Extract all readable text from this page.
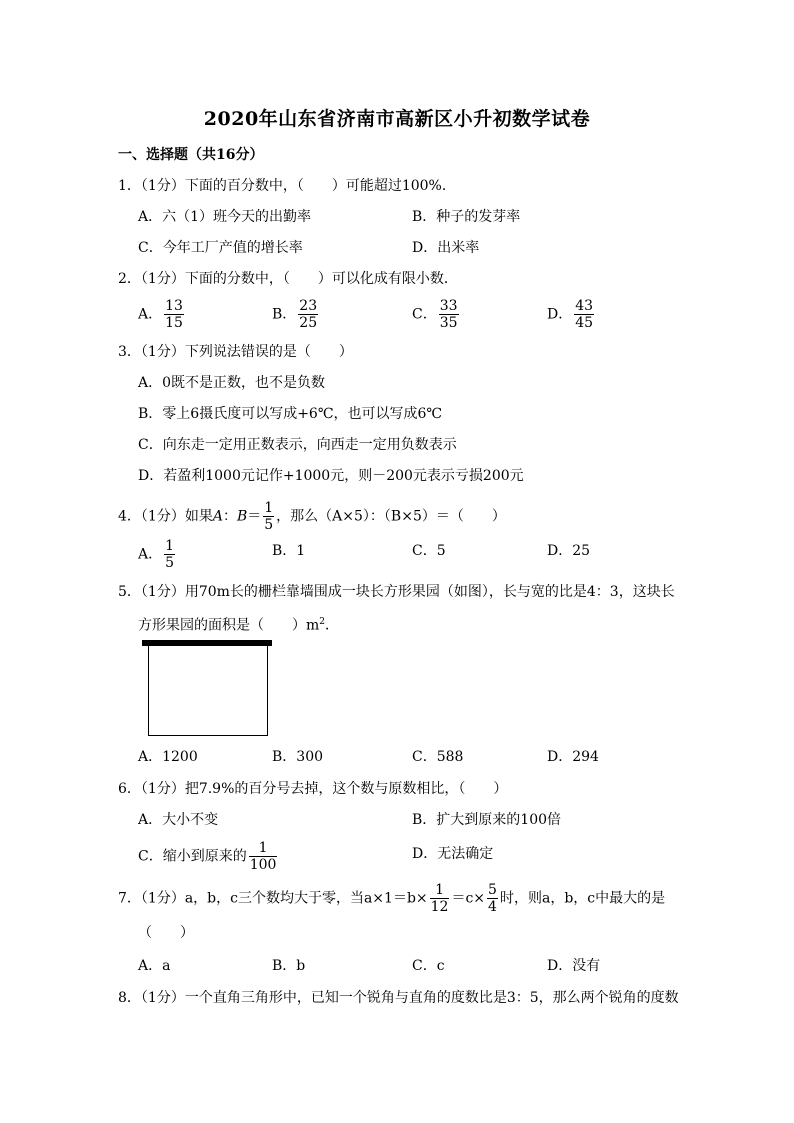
2020年山东省济南市高新区小升初数学试卷
一、选择题（共16分）
1．（1分）下面的百分数中，（　　）可能超过100%．
A．六（1）班今天的出勤率	B．种子的发芽率
C．今年工厂产值的增长率	D．出米率
2．（1分）下面的分数中，（　　）可以化成有限小数．
A． $\frac{13}{15}$	B． $\frac{23}{25}$	C． $\frac{33}{35}$	D． $\frac{43}{45}$
3．（1分）下列说法错误的是（　　）
A．0既不是正数，也不是负数
B．零上6摄氏度可以写成+6℃，也可以写成6℃
C．向东走一定用正数表示，向西走一定用负数表示
D．若盈利1000元记作+1000元，则－200元表示亏损200元
4．（1分）如果A：$B= \frac{1}{5}$ ，那么（A×5）：（B×5）＝（　　）
A． $\frac{1}{5}$	B．1	C．5	D．25
5．（1分）用70m长的栅栏靠墙围成一块长方形果园（如图），长与宽的比是4：3，这块长
方形果园的面积是（　　）$m^2$．
A．1200	B．300	C．588	D．294
6．（1分）把7.9%的百分号去掉，这个数与原数相比，（　　）
A．大小不变	B．扩大到原来的100倍
C．缩小到原来的 $\frac{1}{100}$	D．无法确定
7．（1分）a，b，c三个数均大于零，当$a\times 1=b\times \frac{1}{12} =c\times \frac{5}{4}$ 时，则a，b，c中最大的是
（　　）
A．a	B．b	C．c	D．没有
8．（1分）一个直角三角形中，已知一个锐角与直角的度数比是3：5，那么两个锐角的度数
